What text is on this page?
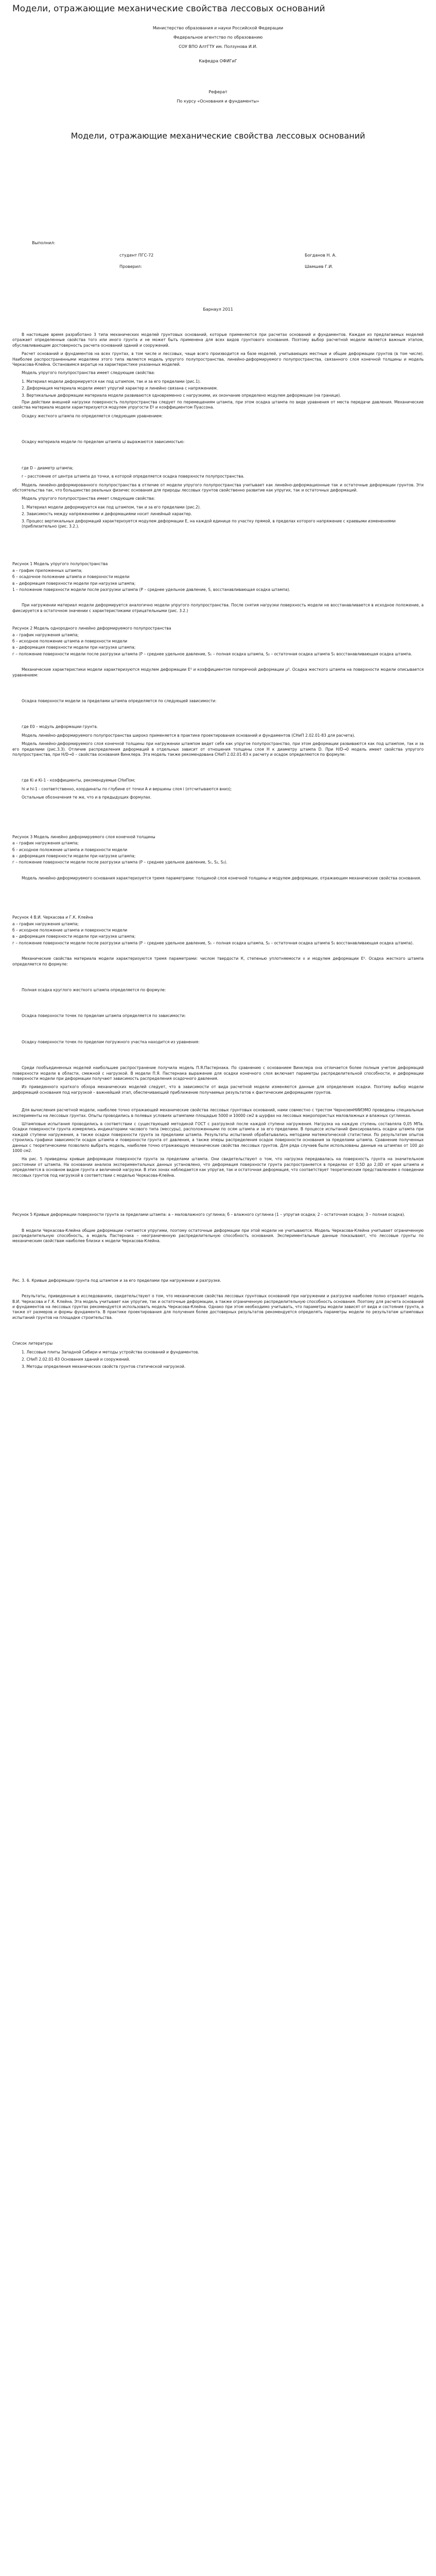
Модели, отражающие механические свойства лессовых оснований

Министерство образования и науки Российской Федерации

Федеральное агентство по образованию

СОУ ВПО АлтГТУ им. Ползунова И.И.

Кафедра ОФИГиГ

Реферат

По курсу «Основания и фундаменты»

Модели, отражающие механические свойства лессовых оснований
Выполнил:
студент ПГС-72	Богданов Н. А.
Проверил:	Шамшев Г.И.

Барнаул 2011

В настоящее время разработано 3 типа механических моделей грунтовых оснований, которые применяются при расчетах оснований и фундаментов. Каждая из предлагаемых моделей отражает определенные свойства того или иного грунта и не может быть применена для всех видов грунтового основания. Поэтому выбор расчетной модели является важным этапом, обуславливающим достоверность расчета оснований зданий и сооружений.

Расчет оснований и фундаментов на всех грунтах, в том числе и лессовых, чаще всего производится на базе моделей, учитывающих местные и общие деформации грунтов (в том числе). Наиболее распространенными моделями этого типа являются модель упругого полупространства, линейно-деформируемого полупространства, связанного слоя конечной толщины и модель Черкасова-Клейна. Остановимся вкратце на характеристике указанных моделей.

Модель упругого полупространства имеет следующие свойства:

1. Материал модели деформируется как под штампом, так и за его пределами (рис.1).

2. Деформация материала модели имеет упругий характер и линейно связана с напряжением.

3. Вертикальные деформации материала модели развиваются одновременно с нагрузкими, их окончание определено модулем деформации (на границе).

При действии внешней нагрузки поверхность полупространства следует по перемещениям штампа, при этом осадка штампа по виде уравнения от места передачи давления. Механические свойства материала модели характеризуются модулем упругости Еº и коэффициентом Пуассона.

Осадку жесткого штампа по определяется следующим уравнением:

Осадку материала модели по пределам штампа ці выражаются зависимостью:

где D – диаметр штампа;

r – расстояние от центра штампа до точки, в которой определяется осадка поверхности полупространства.

Модель линейно-деформированного полупространства в отличие от модели упругого полупространства учитывает как линейно-деформационные так и остаточные деформации грунтов. Эти обстоятельства так, что большинство реальных физичес основания для природы лессовых грунтов свойственно развитие как упругих, так и остаточных деформаций.

Модель упругого полупространства имеет следующие свойства:

1. Материал модели деформируется как под штампом, так и за его пределами (рис.2).

2. Зависимость между напряжениями и деформациями носит линейный характер.

3. Процесс вертикальных деформаций характеризуется модулем деформации Е, на каждой единице по участку прямой, в пределах которого напряжение с краевыми изменениями (приблизительно (рис. 3.2.).

Рисунок 1 Модель упругого полупространства

а – график приложенных штампа;

б – осадочное положение штампа и поверхности модели

в – деформация поверхности модели при нагрузке штампа;

1 – положение поверхности модели после разгрузки штампа (Р – среднее удельное давление, S, восстанавливающая осадка штампа).

При нагружении материал модели деформируется аналогично модели упругого полупространства. После снятия нагрузки поверхность модели не восстанавливается в исходное положение, а фиксируется в остаточном значении с характеристиками отрицательными (рис. 3.2.)

Рисунок 2 Модель однородного линейно деформируемого полупространства

а – график нагружения штампа;

б – исходное положение штампа и поверхности модели

в – деформация поверхности модели при нагрузке штампа;

г – положение поверхности модели после разгрузки штампа (Р – среднее удельное давление, S₁ – полная осадка штампа, S₂ – остаточная осадка штампа S₁ восстанавливающая осадка штампа.

Механические характеристики модели характеризуются модулем деформации Е⁰ и коэффициентом поперечной деформации μ⁰. Осадка жесткого штампа на поверхности модели описывается уравнением:

Осадка поверхности модели за пределами штампа определяется по следующей зависимости:

где Е0 – модуль деформации грунта.

Модель линейно-деформируемого полупространства широко применяется в практике проектирования оснований и фундаментов (СНиП 2.02.01-83 для расчета).

Модель линейно-деформируемого слоя конечной толщины при нагружении штампом ведет себя как упругое полупространство, при этом деформации развиваются как под штампом, так и за его пределами (рис.3.3). Отличие распределения деформаций в отдельных зависит от отношения толщины слоя Н к диаметру штампа D. При Н/D→0 модель имеет свойства упругого полупространства, при Н/D→0 – свойства основания Винклера. Эта модель также рекомендована СНиП 2.02.01-83 к расчету и осадок определяются по формуле:

где Ki и Ki-1 - коэффициенты, рекомендуемые СНиПом;

hi и hi-1 - соответственно, координаты по глубине от точки А и вершины слоя i (отсчитываются вниз);

Остальные обозначения те же, что и в предыдущих формулах.

Рисунок 3 Модель линейно деформируемого слоя конечной толщины

а – график нагружения штампа;

б – исходное положение штампа и поверхности модели

в – деформация поверхности модели при нагрузке штампа;

г – положение поверхности модели после разгрузки штампа (Р – среднее удельное давление, S₁, S₂, S₃).

Модель линейно-деформируемого основания характеризуется тремя параметрами: толщиной слоя конечной толщины и модулем деформации, отражающим механические свойства основания.

Рисунок 4 В.И. Черкасова и Г.К. Клейна

а – график нагружения штампа;

б – исходное положение штампа и поверхности модели

в – деформация поверхности модели при нагрузке штампа;

г – положение поверхности модели после разгрузки штампа (Р – среднее удельное давление, S₁ – полная осадка штампа, S₂ – остаточная осадка штампа S₁ восстанавливающая осадка штампа).

Механические свойства материала модели характеризуются тремя параметрами: числом твердости К, степенью уплотняемости ν и модулем деформации Е⁰. Осадка жесткого штампа определяется по формуле:

Полная осадка круглого жесткого штампа определяется по формуле:

Осадка поверхности точек по пределам штампа определяется по зависимости:

Осадку поверхности точек по пределам погружного участка находится из уравнения:

Среди пообъединенных моделей наибольшее распространение получила модель П.Я.Пастернака. По сравнению с основанием Винклера она отличается более полным учетом деформаций поверхности модели в области, смежной с нагрузкой. В модели П.Я. Пастернака выражение для осадки конечного слоя включает параметры распределительной способности, и деформации поверхности модели при деформации получают зависимость распределения осадочного давления.

Из приведенного краткого обзора механических моделей следует, что в зависимости от вида расчетной модели изменяются данные для определения осадки. Поэтому выбор модели деформаций основания под нагрузкой – важнейший этап, обеспечивающий приближение получаемых результатов к фактическим деформациям грунтов.

Для вычисления расчетной модели, наиболее точно отражающей механические свойства лессовых грунтовых оснований, нами совместно с трестом ЧерноземНИИЭМО проведены специальные эксперименты на лессовых грунтах. Опыты проводились в полевых условиях штампами площадью 5000 и 10000 см2 в шурфах на лессовых макропористых маловлажных и влажных суглинках.

Штамповые испытания проводились в соответствии с существующей методикой ГОСТ с разгрузкой после каждой ступени нагружения. Нагрузка на каждую ступень составляла 0,05 МПа. Осадки поверхности грунта измерялись индикаторами часового типа (мессуры), расположенными по осям штампа и за его пределами. В процессе испытаний фиксировались осадки штампа при каждой ступени нагружения, а также осадки поверхности грунта за пределами штампа. Результаты испытаний обрабатывались методами математической статистики. По результатам опытов строились графики зависимости осадок штампа и поверхности грунта от давления, а также эпюры распределения осадок поверхности основания за пределами штампа. Сравнение полученных данных с теоретическими позволило выбрать модель, наиболее точно отражающую механические свойства лессовых грунтов. Для ряда случаев были использованы данные на штампах от 100 до 1000 см2.

На рис. 5 приведены кривые деформации поверхности грунта за пределами штампа. Они свидетельствуют о том, что нагрузка передавалась на поверхность грунта на значительном расстоянии от штампа. На основании анализа экспериментальных данных установлено, что деформация поверхности грунта распространяется в пределах от 0,5D до 2,0D от края штампа и определяется в основном видом грунта и величиной нагрузки. В этих зонах наблюдается как упругая, так и остаточная деформация, что соответствует теоретическим представлениям о поведении лессовых грунтов под нагрузкой в соответствии с моделью Черкасова-Клейна.

Рисунок 5 Кривые деформации поверхности грунта за пределами штампа: а – маловлажного суглинка; б – влажного суглинка (1 – упругая осадка; 2 – остаточная осадка; 3 – полная осадка).

В модели Черкасова-Клейна общие деформации считаются упругими, поэтому остаточные деформации при этой модели не учитываются. Модель Черкасова-Клейна учитывает ограниченную распределительную способность, а модель Пастернака – неограниченную распределительную способность основания. Экспериментальные данные показывают, что лессовые грунты по механическим свойствам наиболее близки к модели Черкасова-Клейна.

Рис. 3. 6. Кривые деформации грунта под штампом и за его пределами при нагружении и разгрузке.

Результаты, приведенные в исследованиях, свидетельствуют о том, что механические свойства лессовых грунтовых оснований при нагружении и разгрузке наиболее полно отражает модель В.И. Черкасова и Г.К. Клейна. Эта модель учитывает как упругие, так и остаточные деформации, а также ограниченную распределительную способность основания. Поэтому для расчета оснований и фундаментов на лессовых грунтах рекомендуется использовать модель Черкасова-Клейна. Однако при этом необходимо учитывать, что параметры модели зависят от вида и состояния грунта, а также от размеров и формы фундамента. В практике проектирования для получения более достоверных результатов рекомендуется определять параметры модели по результатам штамповых испытаний грунтов на площадке строительства.

Список литературы

1. Лессовые плиты Западной Сибири и методы устройства оснований и фундаментов.

2. СНиП 2.02.01-83 Основания зданий и сооружений.

3. Методы определения механических свойств грунтов статической нагрузкой.
